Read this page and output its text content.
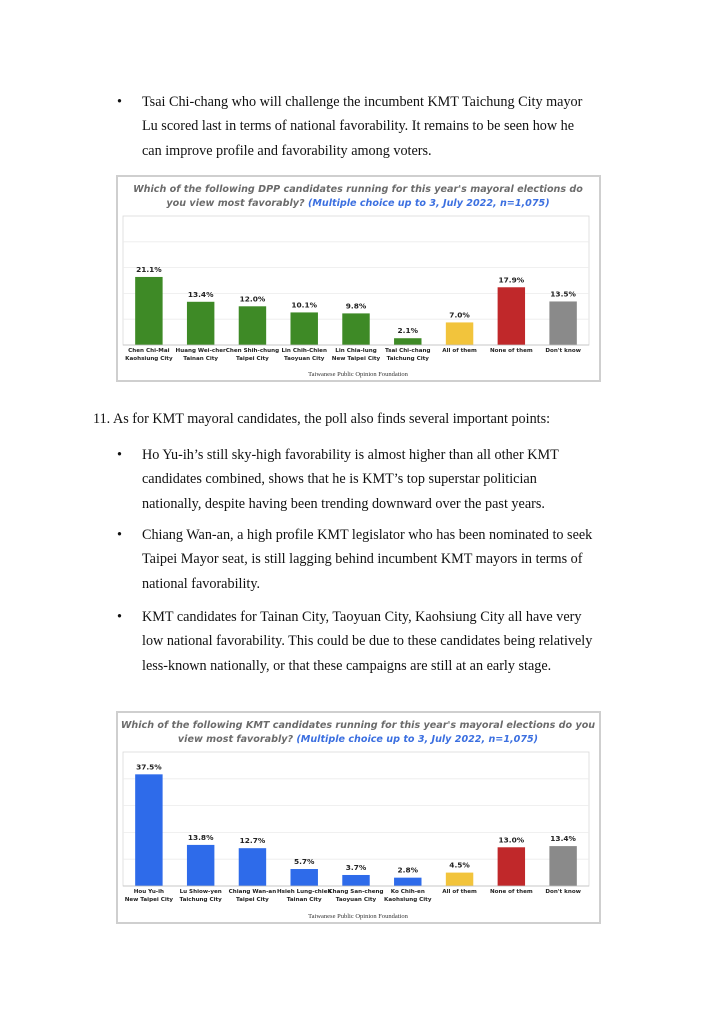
•	Tsai Chi-chang who will challenge the incumbent KMT Taichung City mayor Lu scored last in terms of national favorability. It remains to be seen how he can improve profile and favorability among voters.
Which of the following DPP candidates running for this year's mayoral elections do
you view most favorably? (Multiple choice up to 3, July 2022, n=1,075)
21.1%
Chen Chi-Mai
Kaohsiung City
13.4%
Huang Wei-cher
Tainan City
12.0%
Chen Shih-chung
Taipei City
10.1%
Lin Chih-Chien
Taoyuan City
9.8%
Lin Chia-lung
New Taipei City
2.1%
Tsai Chi-chang
Taichung City
7.0%
All of them
17.9%
None of them
13.5%
Don't know
Taiwanese Public Opinion Foundation
11. As for KMT mayoral candidates, the poll also finds several important points:
•	Ho Yu-ih’s still sky-high favorability is almost higher than all other KMT candidates combined, shows that he is KMT’s top superstar politician nationally, despite having been trending downward over the past years.
•	Chiang Wan-an, a high profile KMT legislator who has been nominated to seek Taipei Mayor seat, is still lagging behind incumbent KMT mayors in terms of national favorability.
•	KMT candidates for Tainan City, Taoyuan City, Kaohsiung City all have very low national favorability. This could be due to these candidates being relatively less-known nationally, or that these campaigns are still at an early stage.
Which of the following KMT candidates running for this year's mayoral elections do you
view most favorably? (Multiple choice up to 3, July 2022, n=1,075)
37.5%
Hou Yu-ih
New Taipei City
13.8%
Lu Shiow-yen
Taichung City
12.7%
Chiang Wan-an
Taipei City
5.7%
Hsieh Lung-chieh
Tainan City
3.7%
Chang San-cheng
Taoyuan City
2.8%
Ko Chih-en
Kaohsiung City
4.5%
All of them
13.0%
None of them
13.4%
Don't know
Taiwanese Public Opinion Foundation
